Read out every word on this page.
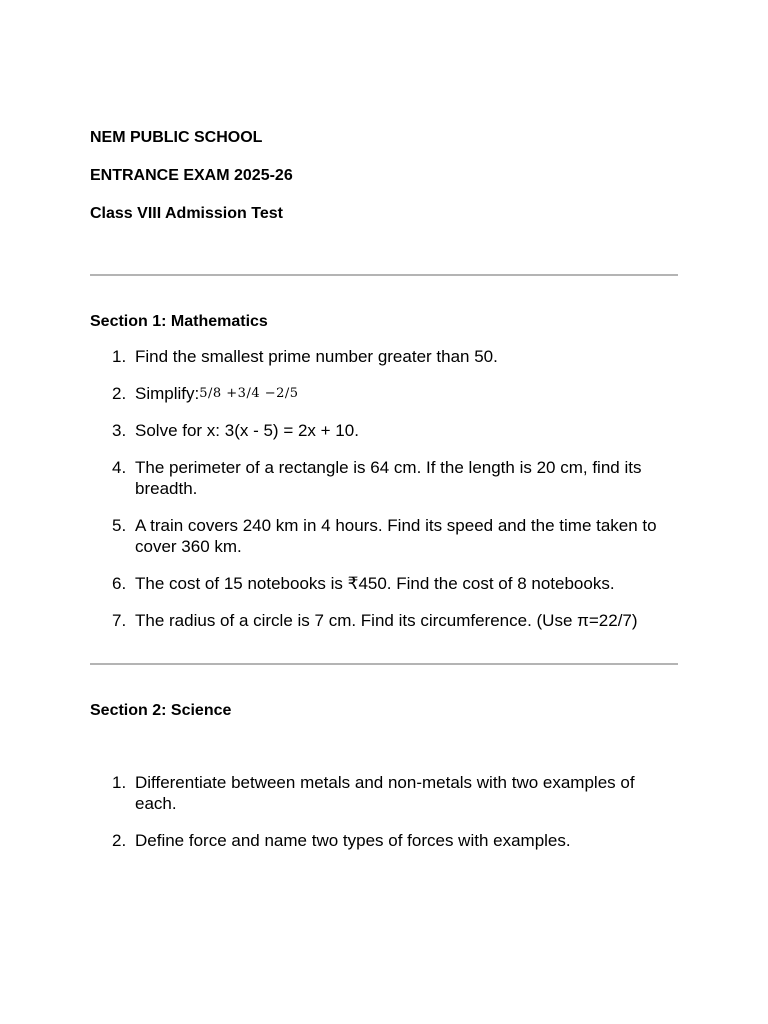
NEM PUBLIC SCHOOL
ENTRANCE EXAM 2025-26
Class VIII Admission Test
Section 1: Mathematics
1. Find the smallest prime number greater than 50.
2. Simplify:5/8 +3/4 −2/5
3. Solve for x: 3(x - 5) = 2x + 10.
4. The perimeter of a rectangle is 64 cm. If the length is 20 cm, find its breadth.
5. A train covers 240 km in 4 hours. Find its speed and the time taken to cover 360 km.
6. The cost of 15 notebooks is ₹450. Find the cost of 8 notebooks.
7. The radius of a circle is 7 cm. Find its circumference. (Use π=22/7)
Section 2: Science
1. Differentiate between metals and non-metals with two examples of each.
2. Define force and name two types of forces with examples.
